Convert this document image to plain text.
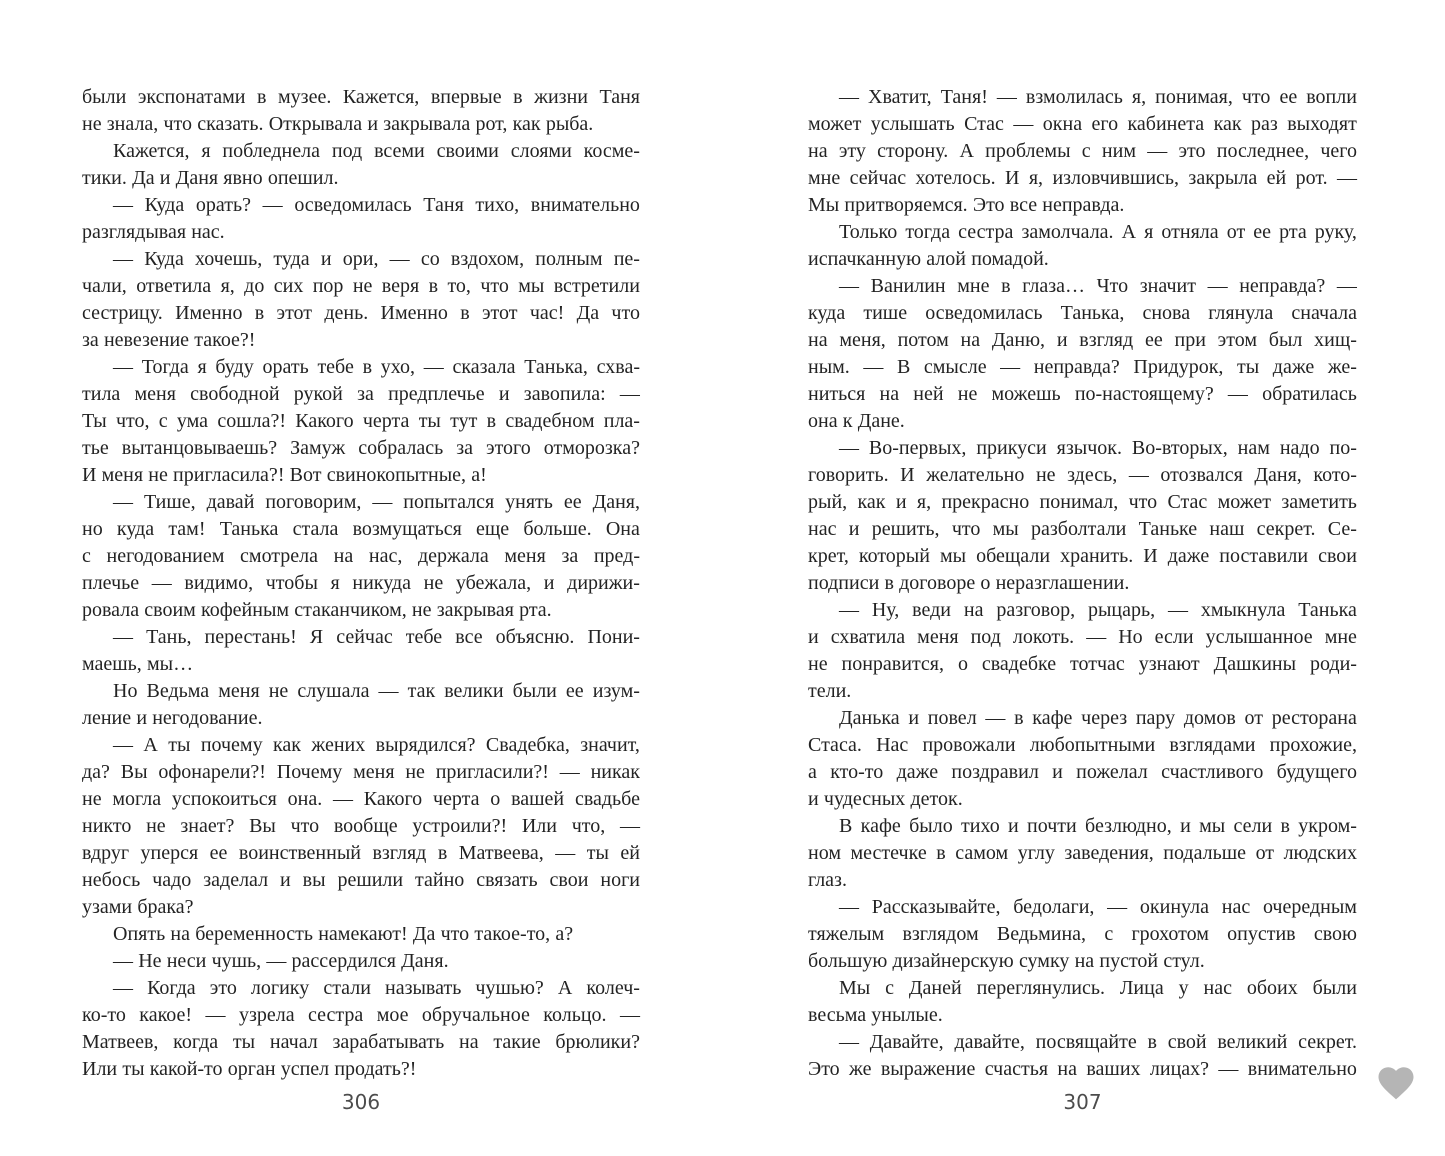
были экспонатами в музее. Кажется, впервые в жизни Таня
не знала, что сказать. Открывала и закрывала рот, как рыба.
Кажется, я побледнела под всеми своими слоями косме-
тики. Да и Даня явно опешил.
— Куда орать? — осведомилась Таня тихо, внимательно
разглядывая нас.
— Куда хочешь, туда и ори, — со вздохом, полным пе-
чали, ответила я, до сих пор не веря в то, что мы встретили
сестрицу. Именно в этот день. Именно в этот час! Да что
за невезение такое?!
— Тогда я буду орать тебе в ухо, — сказала Танька, схва-
тила меня свободной рукой за предплечье и завопила: —
Ты что, с ума сошла?! Какого черта ты тут в свадебном пла-
тье вытанцовываешь? Замуж собралась за этого отморозка?
И меня не пригласила?! Вот свинокопытные, а!
— Тише, давай поговорим, — попытался унять ее Даня,
но куда там! Танька стала возмущаться еще больше. Она
с негодованием смотрела на нас, держала меня за пред-
плечье — видимо, чтобы я никуда не убежала, и дирижи-
ровала своим кофейным стаканчиком, не закрывая рта.
— Тань, перестань! Я сейчас тебе все объясню. Пони-
маешь, мы…
Но Ведьма меня не слушала — так велики были ее изум-
ление и негодование.
— А ты почему как жених вырядился? Свадебка, значит,
да? Вы офонарели?! Почему меня не пригласили?! — никак
не могла успокоиться она. — Какого черта о вашей свадьбе
никто не знает? Вы что вообще устроили?! Или что, —
вдруг уперся ее воинственный взгляд в Матвеева, — ты ей
небось чадо заделал и вы решили тайно связать свои ноги
узами брака?
Опять на беременность намекают! Да что такое-то, а?
— Не неси чушь, — рассердился Даня.
— Когда это логику стали называть чушью? А колеч-
ко-то какое! — узрела сестра мое обручальное кольцо. —
Матвеев, когда ты начал зарабатывать на такие брюлики?
Или ты какой-то орган успел продать?!
— Хватит, Таня! — взмолилась я, понимая, что ее вопли
может услышать Стас — окна его кабинета как раз выходят
на эту сторону. А проблемы с ним — это последнее, чего
мне сейчас хотелось. И я, изловчившись, закрыла ей рот. —
Мы притворяемся. Это все неправда.
Только тогда сестра замолчала. А я отняла от ее рта руку,
испачканную алой помадой.
— Ванилин мне в глаза… Что значит — неправда? —
куда тише осведомилась Танька, снова глянула сначала
на меня, потом на Даню, и взгляд ее при этом был хищ-
ным. — В смысле — неправда? Придурок, ты даже же-
ниться на ней не можешь по-настоящему? — обратилась
она к Дане.
— Во-первых, прикуси язычок. Во-вторых, нам надо по-
говорить. И желательно не здесь, — отозвался Даня, кото-
рый, как и я, прекрасно понимал, что Стас может заметить
нас и решить, что мы разболтали Таньке наш секрет. Се-
крет, который мы обещали хранить. И даже поставили свои
подписи в договоре о неразглашении.
— Ну, веди на разговор, рыцарь, — хмыкнула Танька
и схватила меня под локоть. — Но если услышанное мне
не понравится, о свадебке тотчас узнают Дашкины роди-
тели.
Данька и повел — в кафе через пару домов от ресторана
Стаса. Нас провожали любопытными взглядами прохожие,
а кто-то даже поздравил и пожелал счастливого будущего
и чудесных деток.
В кафе было тихо и почти безлюдно, и мы сели в укром-
ном местечке в самом углу заведения, подальше от людских
глаз.
— Рассказывайте, бедолаги, — окинула нас очередным
тяжелым взглядом Ведьмина, с грохотом опустив свою
большую дизайнерскую сумку на пустой стул.
Мы с Даней переглянулись. Лица у нас обоих были
весьма унылые.
— Давайте, давайте, посвящайте в свой великий секрет.
Это же выражение счастья на ваших лицах? — внимательно
306	307
